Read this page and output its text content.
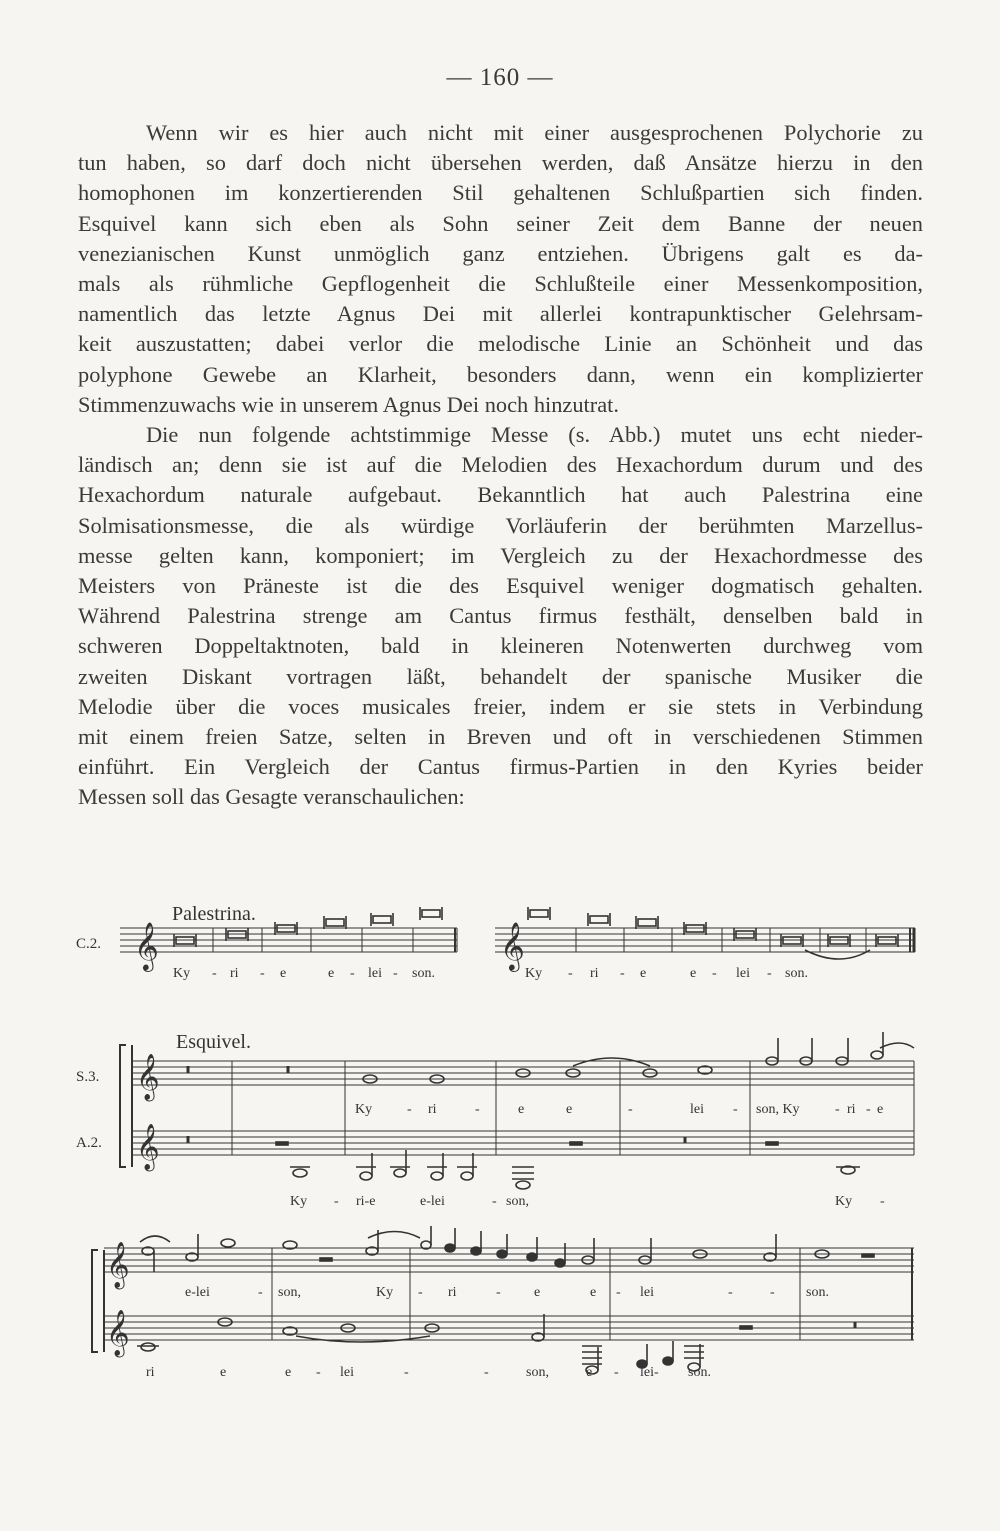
— 160 —
Wenn wir es hier auch nicht mit einer ausgesprochenen Polychorie zu
tun haben, so darf doch nicht übersehen werden, daß Ansätze hierzu in den
homophonen im konzertierenden Stil gehaltenen Schlußpartien sich finden.
Esquivel kann sich eben als Sohn seiner Zeit dem Banne der neuen
venezianischen Kunst unmöglich ganz entziehen. Übrigens galt es da-
mals als rühmliche Gepflogenheit die Schlußteile einer Messenkomposition,
namentlich das letzte Agnus Dei mit allerlei kontrapunktischer Gelehrsam-
keit auszustatten; dabei verlor die melodische Linie an Schönheit und das
polyphone Gewebe an Klarheit, besonders dann, wenn ein komplizierter
Stimmenzuwachs wie in unserem Agnus Dei noch hinzutrat.
Die nun folgende achtstimmige Messe (s. Abb.) mutet uns echt nieder-
ländisch an; denn sie ist auf die Melodien des Hexachordum durum und des
Hexachordum naturale aufgebaut. Bekanntlich hat auch Palestrina eine
Solmisationsmesse, die als würdige Vorläuferin der berühmten Marzellus-
messe gelten kann, komponiert; im Vergleich zu der Hexachordmesse des
Meisters von Präneste ist die des Esquivel weniger dogmatisch gehalten.
Während Palestrina strenge am Cantus firmus festhält, denselben bald in
schweren Doppeltaktnoten, bald in kleineren Notenwerten durchweg vom
zweiten Diskant vortragen läßt, behandelt der spanische Musiker die
Melodie über die voces musicales freier, indem er sie stets in Verbindung
mit einem freien Satze, selten in Breven und oft in verschiedenen Stimmen
einführt. Ein Vergleich der Cantus firmus-Partien in den Kyries beider
Messen soll das Gesagte veranschaulichen:
Palestrina.
C.2. 𝄞
Ky - ri - e	e - lei - son.
𝄞
Ky - ri - e	e - lei - son.
Esquivel.
S.3.
A.2.
𝄞
𝄞
Ky - ri	-	e	e	-	lei - son, Ky	- ri - e
Ky - ri-e	e-lei	- son,	Ky -
𝄞
𝄞
e-lei	- son,	Ky - ri	- e	e - lei	-	- son.
ri	e	e - lei	-	-	son,	e - lei- son.
